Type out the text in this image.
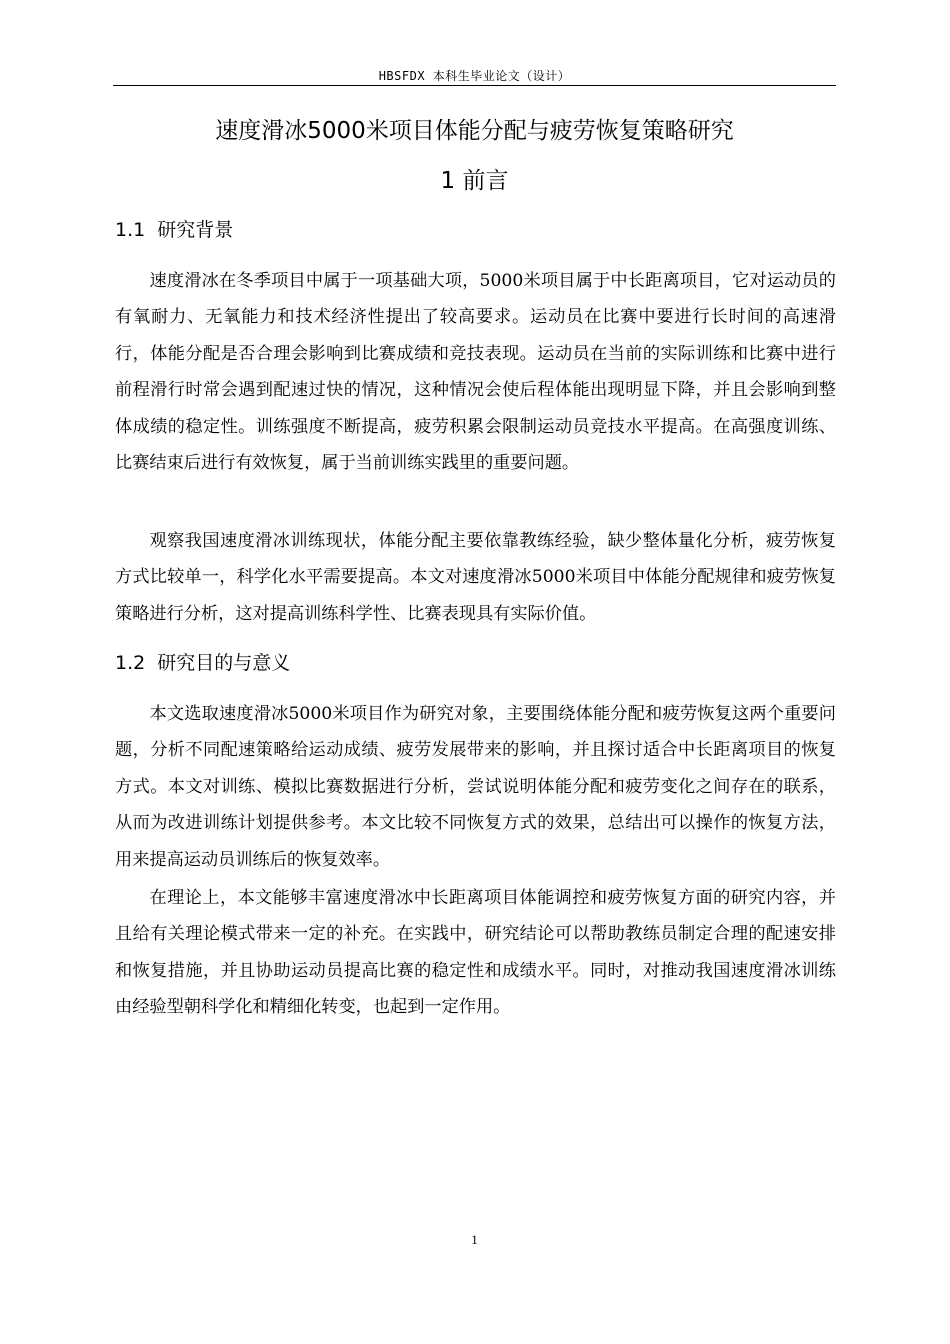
HBSFDX 本科生毕业论文（设计）
速度滑冰5000米项目体能分配与疲劳恢复策略研究
1 前言
1.1 研究背景

速度滑冰在冬季项目中属于一项基础大项，5000米项目属于中长距离项目，它对运动员的有氧耐力、无氧能力和技术经济性提出了较高要求。运动员在比赛中要进行长时间的高速滑行，体能分配是否合理会影响到比赛成绩和竞技表现。运动员在当前的实际训练和比赛中进行前程滑行时常会遇到配速过快的情况，这种情况会使后程体能出现明显下降，并且会影响到整体成绩的稳定性。训练强度不断提高，疲劳积累会限制运动员竞技水平提高。在高强度训练、比赛结束后进行有效恢复，属于当前训练实践里的重要问题。

观察我国速度滑冰训练现状，体能分配主要依靠教练经验，缺少整体量化分析，疲劳恢复方式比较单一，科学化水平需要提高。本文对速度滑冰5000米项目中体能分配规律和疲劳恢复策略进行分析，这对提高训练科学性、比赛表现具有实际价值。

1.2 研究目的与意义

本文选取速度滑冰5000米项目作为研究对象，主要围绕体能分配和疲劳恢复这两个重要问题，分析不同配速策略给运动成绩、疲劳发展带来的影响，并且探讨适合中长距离项目的恢复方式。本文对训练、模拟比赛数据进行分析，尝试说明体能分配和疲劳变化之间存在的联系，从而为改进训练计划提供参考。本文比较不同恢复方式的效果，总结出可以操作的恢复方法，用来提高运动员训练后的恢复效率。

在理论上，本文能够丰富速度滑冰中长距离项目体能调控和疲劳恢复方面的研究内容，并且给有关理论模式带来一定的补充。在实践中，研究结论可以帮助教练员制定合理的配速安排和恢复措施，并且协助运动员提高比赛的稳定性和成绩水平。同时，对推动我国速度滑冰训练由经验型朝科学化和精细化转变，也起到一定作用。

1
